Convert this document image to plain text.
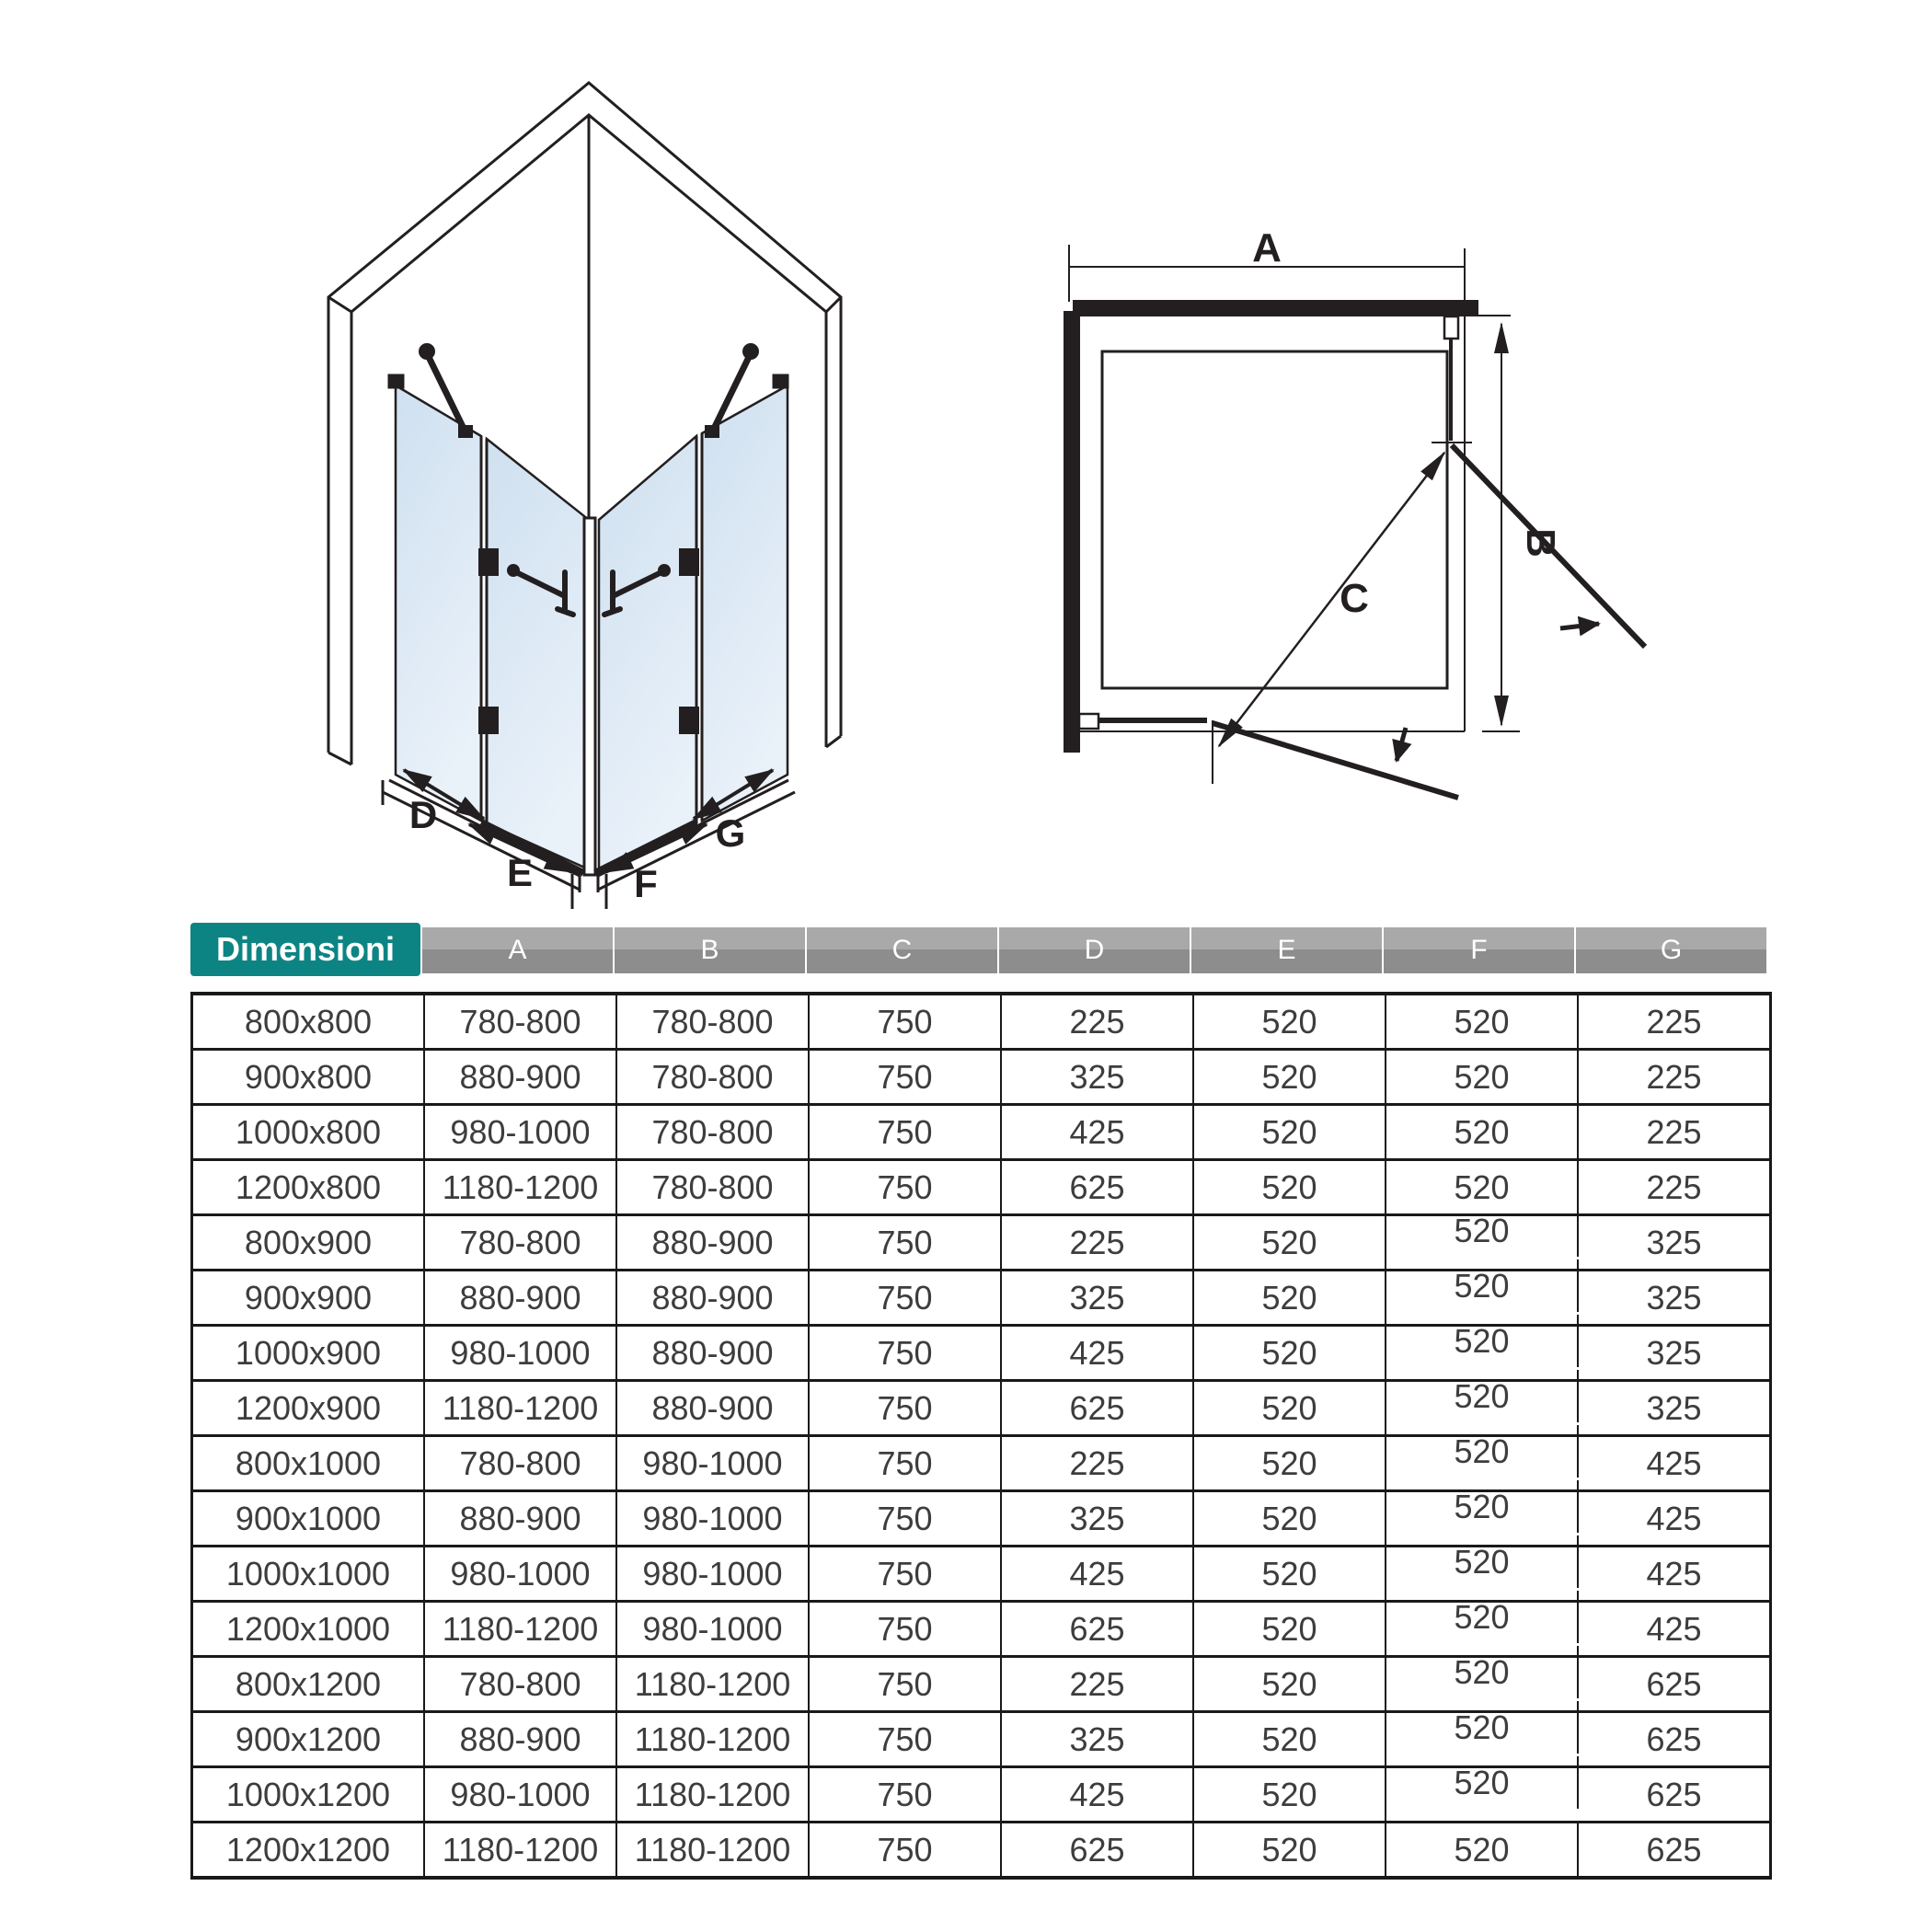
D
E	F
G
A
B
C
Dimensioni	A	B	C	D	E	F	G
800x800	780-800	780-800	750	225	520	520	225
900x800	880-900	780-800	750	325	520	520	225
1000x800	980-1000	780-800	750	425	520	520	225
1200x800	1180-1200	780-800	750	625	520	520	225
800x900	780-800	880-900	750	225	520	520	325
900x900	880-900	880-900	750	325	520	520	325
1000x900	980-1000	880-900	750	425	520	520	325
1200x900	1180-1200	880-900	750	625	520	520	325
800x1000	780-800	980-1000	750	225	520	520	425
900x1000	880-900	980-1000	750	325	520	520	425
1000x1000	980-1000	980-1000	750	425	520	520	425
1200x1000	1180-1200	980-1000	750	625	520	520	425
800x1200	780-800	1180-1200	750	225	520	520	625
900x1200	880-900	1180-1200	750	325	520	520	625
1000x1200	980-1000	1180-1200	750	425	520	520	625
1200x1200	1180-1200	1180-1200	750	625	520	520	625
